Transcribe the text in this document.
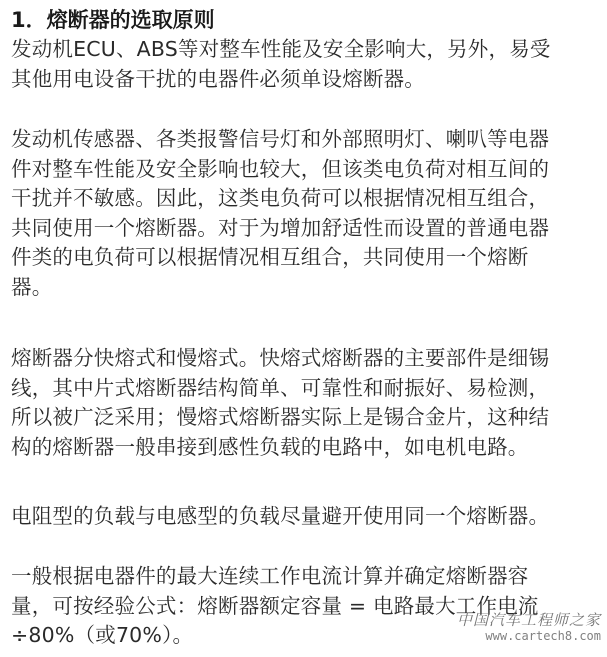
1．熔断器的选取原则
发动机ECU、ABS等对整车性能及安全影响大，另外，易受
其他用电设备干扰的电器件必须单设熔断器。
发动机传感器、各类报警信号灯和外部照明灯、喇叭等电器
件对整车性能及安全影响也较大，但该类电负荷对相互间的
干扰并不敏感。因此，这类电负荷可以根据情况相互组合，
共同使用一个熔断器。对于为增加舒适性而设置的普通电器
件类的电负荷可以根据情况相互组合，共同使用一个熔断
器。
熔断器分快熔式和慢熔式。快熔式熔断器的主要部件是细锡
线，其中片式熔断器结构简单、可靠性和耐振好、易检测，
所以被广泛采用；慢熔式熔断器实际上是锡合金片，这种结
构的熔断器一般串接到感性负载的电路中，如电机电路。
电阻型的负载与电感型的负载尽量避开使用同一个熔断器。
一般根据电器件的最大连续工作电流计算并确定熔断器容
量，可按经验公式：熔断器额定容量 = 电路最大工作电流
÷80%（或70%）。
中国汽车工程师之家
www.cartech8.com
